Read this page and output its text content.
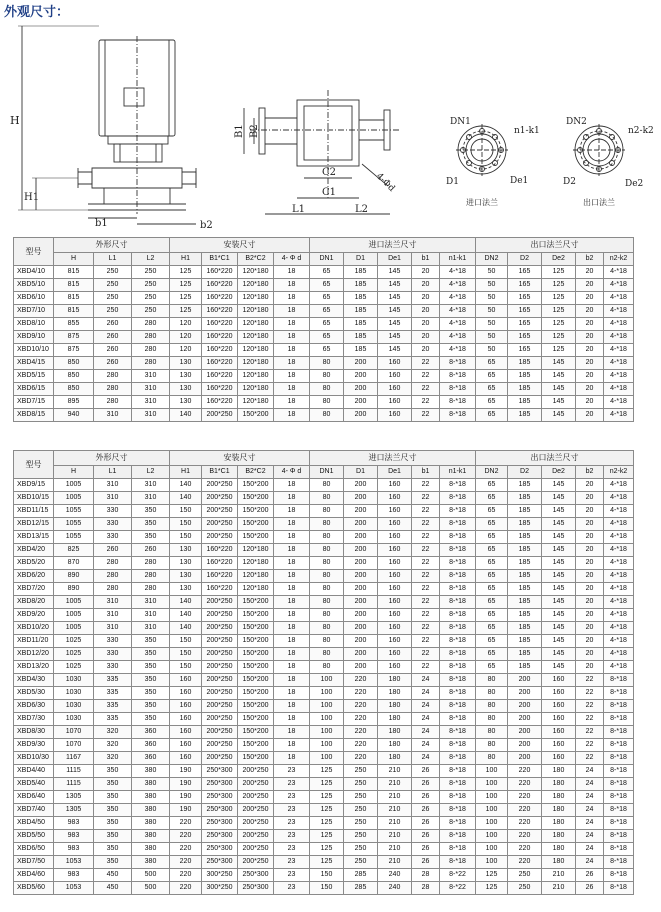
外观尺寸：
H
H1
b1	b2
B1 B2
C2
C1
L1	L2
4-Φd
DN1
n1-k1
D1	De1
进口法兰
DN2
n2-k2
D2	De2
出口法兰
型号	外形尺寸			安装尺寸				进口法兰尺寸					出口法兰尺寸				
	H	L1	L2	H1	B1*C1	B2*C2	4- Φ d	DN1	D1	De1	b1	n1-k1	DN2	D2	De2	b2	n2-k2
XBD4/10	815	250	250	125	160*220	120*180	18	65	185	145	20	4-*18	50	165	125	20	4-*18
XBD5/10	815	250	250	125	160*220	120*180	18	65	185	145	20	4-*18	50	165	125	20	4-*18
XBD6/10	815	250	250	125	160*220	120*180	18	65	185	145	20	4-*18	50	165	125	20	4-*18
XBD7/10	815	250	250	125	160*220	120*180	18	65	185	145	20	4-*18	50	165	125	20	4-*18
XBD8/10	855	260	280	120	160*220	120*180	18	65	185	145	20	4-*18	50	165	125	20	4-*18
XBD9/10	875	260	280	120	160*220	120*180	18	65	185	145	20	4-*18	50	165	125	20	4-*18
XBD10/10	875	260	280	120	160*220	120*180	18	65	185	145	20	4-*18	50	165	125	20	4-*18
XBD4/15	850	260	280	130	160*220	120*180	18	80	200	160	22	8-*18	65	185	145	20	4-*18
XBD5/15	850	280	310	130	160*220	120*180	18	80	200	160	22	8-*18	65	185	145	20	4-*18
XBD6/15	850	280	310	130	160*220	120*180	18	80	200	160	22	8-*18	65	185	145	20	4-*18
XBD7/15	895	280	310	130	160*220	120*180	18	80	200	160	22	8-*18	65	185	145	20	4-*18
XBD8/15	940	310	310	140	200*250	150*200	18	80	200	160	22	8-*18	65	185	145	20	4-*18
型号	外形尺寸			安装尺寸				进口法兰尺寸					出口法兰尺寸				
	H	L1	L2	H1	B1*C1	B2*C2	4- Φ d	DN1	D1	De1	b1	n1-k1	DN2	D2	De2	b2	n2-k2
XBD9/15	1005	310	310	140	200*250	150*200	18	80	200	160	22	8-*18	65	185	145	20	4-*18
XBD10/15	1005	310	310	140	200*250	150*200	18	80	200	160	22	8-*18	65	185	145	20	4-*18
XBD11/15	1055	330	350	150	200*250	150*200	18	80	200	160	22	8-*18	65	185	145	20	4-*18
XBD12/15	1055	330	350	150	200*250	150*200	18	80	200	160	22	8-*18	65	185	145	20	4-*18
XBD13/15	1055	330	350	150	200*250	150*200	18	80	200	160	22	8-*18	65	185	145	20	4-*18
XBD4/20	825	260	260	130	160*220	120*180	18	80	200	160	22	8-*18	65	185	145	20	4-*18
XBD5/20	870	280	280	130	160*220	120*180	18	80	200	160	22	8-*18	65	185	145	20	4-*18
XBD6/20	890	280	280	130	160*220	120*180	18	80	200	160	22	8-*18	65	185	145	20	4-*18
XBD7/20	890	280	280	130	160*220	120*180	18	80	200	160	22	8-*18	65	185	145	20	4-*18
XBD8/20	1005	310	310	140	200*250	150*200	18	80	200	160	22	8-*18	65	185	145	20	4-*18
XBD9/20	1005	310	310	140	200*250	150*200	18	80	200	160	22	8-*18	65	185	145	20	4-*18
XBD10/20	1005	310	310	140	200*250	150*200	18	80	200	160	22	8-*18	65	185	145	20	4-*18
XBD11/20	1025	330	350	150	200*250	150*200	18	80	200	160	22	8-*18	65	185	145	20	4-*18
XBD12/20	1025	330	350	150	200*250	150*200	18	80	200	160	22	8-*18	65	185	145	20	4-*18
XBD13/20	1025	330	350	150	200*250	150*200	18	80	200	160	22	8-*18	65	185	145	20	4-*18
XBD4/30	1030	335	350	160	200*250	150*200	18	100	220	180	24	8-*18	80	200	160	22	8-*18
XBD5/30	1030	335	350	160	200*250	150*200	18	100	220	180	24	8-*18	80	200	160	22	8-*18
XBD6/30	1030	335	350	160	200*250	150*200	18	100	220	180	24	8-*18	80	200	160	22	8-*18
XBD7/30	1030	335	350	160	200*250	150*200	18	100	220	180	24	8-*18	80	200	160	22	8-*18
XBD8/30	1070	320	360	160	200*250	150*200	18	100	220	180	24	8-*18	80	200	160	22	8-*18
XBD9/30	1070	320	360	160	200*250	150*200	18	100	220	180	24	8-*18	80	200	160	22	8-*18
XBD10/30	1167	320	360	160	200*250	150*200	18	100	220	180	24	8-*18	80	200	160	22	8-*18
XBD4/40	1115	350	380	190	250*300	200*250	23	125	250	210	26	8-*18	100	220	180	24	8-*18
XBD5/40	1115	350	380	190	250*300	200*250	23	125	250	210	26	8-*18	100	220	180	24	8-*18
XBD6/40	1305	350	380	190	250*300	200*250	23	125	250	210	26	8-*18	100	220	180	24	8-*18
XBD7/40	1305	350	380	190	250*300	200*250	23	125	250	210	26	8-*18	100	220	180	24	8-*18
XBD4/50	983	350	380	220	250*300	200*250	23	125	250	210	26	8-*18	100	220	180	24	8-*18
XBD5/50	983	350	380	220	250*300	200*250	23	125	250	210	26	8-*18	100	220	180	24	8-*18
XBD6/50	983	350	380	220	250*300	200*250	23	125	250	210	26	8-*18	100	220	180	24	8-*18
XBD7/50	1053	350	380	220	250*300	200*250	23	125	250	210	26	8-*18	100	220	180	24	8-*18
XBD4/60	983	450	500	220	300*250	250*300	23	150	285	240	28	8-*22	125	250	210	26	8-*18
XBD5/60	1053	450	500	220	300*250	250*300	23	150	285	240	28	8-*22	125	250	210	26	8-*18
